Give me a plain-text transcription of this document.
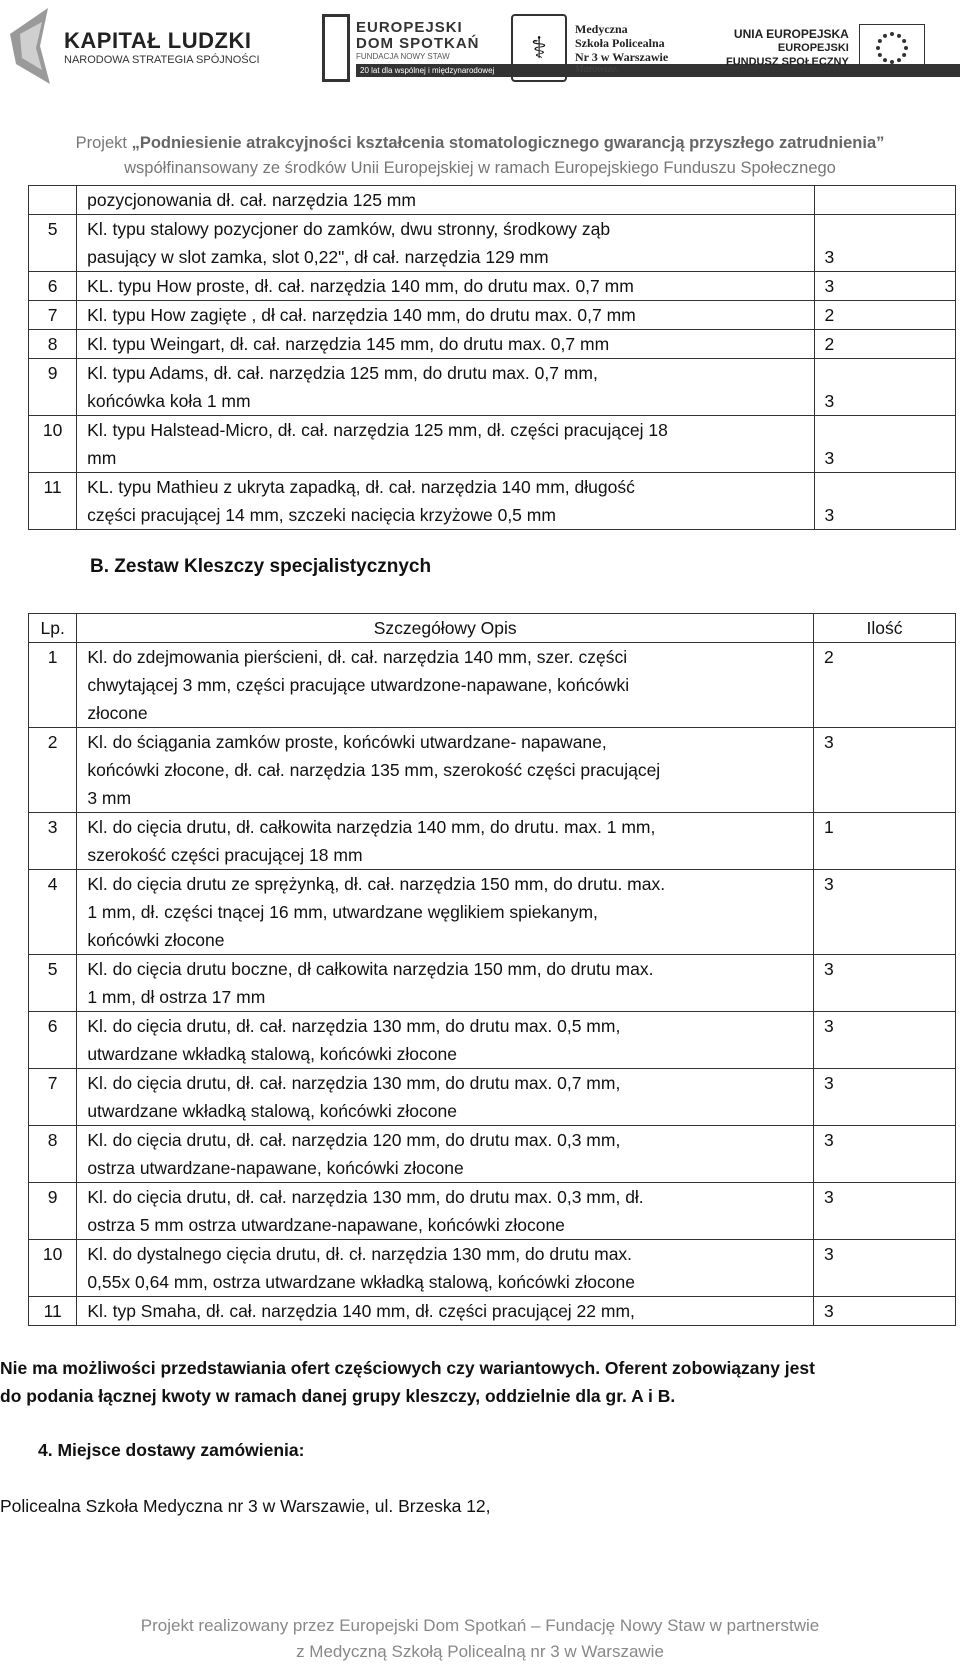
KAPITAŁ LUDZKI
NARODOWA STRATEGIA SPÓJNOŚCI
EUROPEJSKI
DOM SPOTKAŃ
FUNDACJA NOWY STAW
20 lat dla wspólnej i międzynarodowej
⚕
Medyczna
Szkoła Policealna
Nr 3 w Warszawie
Mazowsze.
UNIA EUROPEJSKA
EUROPEJSKI
FUNDUSZ SPOŁECZNY
Projekt „Podniesienie atrakcyjności kształcenia stomatologicznego gwarancją przyszłego zatrudnienia”
współfinansowany ze środków Unii Europejskiej w ramach Europejskiego Funduszu Społecznego

	pozycjonowania dł. cał. narzędzia 125 mm	

5	Kl. typu stalowy pozycjoner do zamków, dwu stronny, środkowy ząb
pasujący w slot zamka, slot 0,22", dł cał. narzędzia 129 mm	3
6	KL. typu How proste, dł. cał. narzędzia 140 mm, do drutu max. 0,7 mm	3
7	Kl. typu How zagięte , dł cał. narzędzia 140 mm, do drutu max. 0,7 mm	2
8	Kl. typu Weingart, dł. cał. narzędzia 145 mm, do drutu max. 0,7 mm	2
9	Kl. typu Adams, dł. cał. narzędzia 125 mm, do drutu max. 0,7 mm,
końcówka koła 1 mm	3
10	Kl. typu Halstead-Micro, dł. cał. narzędzia 125 mm, dł. części pracującej 18
mm	3
11	KL. typu Mathieu z ukryta zapadką, dł. cał. narzędzia 140 mm, długość
części pracującej 14 mm, szczeki nacięcia krzyżowe 0,5 mm	3
B. Zestaw Kleszczy specjalistycznych
Lp.	Szczegółowy Opis	Ilość
1	Kl. do zdejmowania pierścieni, dł. cał. narzędzia 140 mm, szer. części
chwytającej 3 mm, części pracujące utwardzone-napawane, końcówki
złocone	2
2	Kl. do ściągania zamków proste, końcówki utwardzane- napawane,
końcówki złocone, dł. cał. narzędzia 135 mm, szerokość części pracującej
3 mm	3
3	Kl. do cięcia drutu, dł. całkowita narzędzia 140 mm, do drutu. max. 1 mm,
szerokość części pracującej 18 mm	1
4	Kl. do cięcia drutu ze sprężynką, dł. cał. narzędzia 150 mm, do drutu. max.
1 mm, dł. części tnącej 16 mm, utwardzane węglikiem spiekanym,
końcówki złocone	3
5	Kl. do cięcia drutu boczne, dł całkowita narzędzia 150 mm, do drutu max.
1 mm, dł ostrza 17 mm	3
6	Kl. do cięcia drutu, dł. cał. narzędzia 130 mm, do drutu max. 0,5 mm,
utwardzane wkładką stalową, końcówki złocone	3
7	Kl. do cięcia drutu, dł. cał. narzędzia 130 mm, do drutu max. 0,7 mm,
utwardzane wkładką stalową, końcówki złocone	3
8	Kl. do cięcia drutu, dł. cał. narzędzia 120 mm, do drutu max. 0,3 mm,
ostrza utwardzane-napawane, końcówki złocone	3
9	Kl. do cięcia drutu, dł. cał. narzędzia 130 mm, do drutu max. 0,3 mm, dł.
ostrza 5 mm ostrza utwardzane-napawane, końcówki złocone	3
10	Kl. do dystalnego cięcia drutu, dł. cł. narzędzia 130 mm, do drutu max.
0,55x 0,64 mm, ostrza utwardzane wkładką stalową, końcówki złocone	3
11	Kl. typ Smaha, dł. cał. narzędzia 140 mm, dł. części pracującej 22 mm,	3
Nie ma możliwości przedstawiania ofert częściowych czy wariantowych. Oferent zobowiązany jest
do podania łącznej kwoty w ramach danej grupy kleszczy, oddzielnie dla gr. A i B.
4. Miejsce dostawy zamówienia:
Policealna Szkoła Medyczna nr 3 w Warszawie, ul. Brzeska 12,
Projekt realizowany przez Europejski Dom Spotkań – Fundację Nowy Staw w partnerstwie
z Medyczną Szkołą Policealną nr 3 w Warszawie
